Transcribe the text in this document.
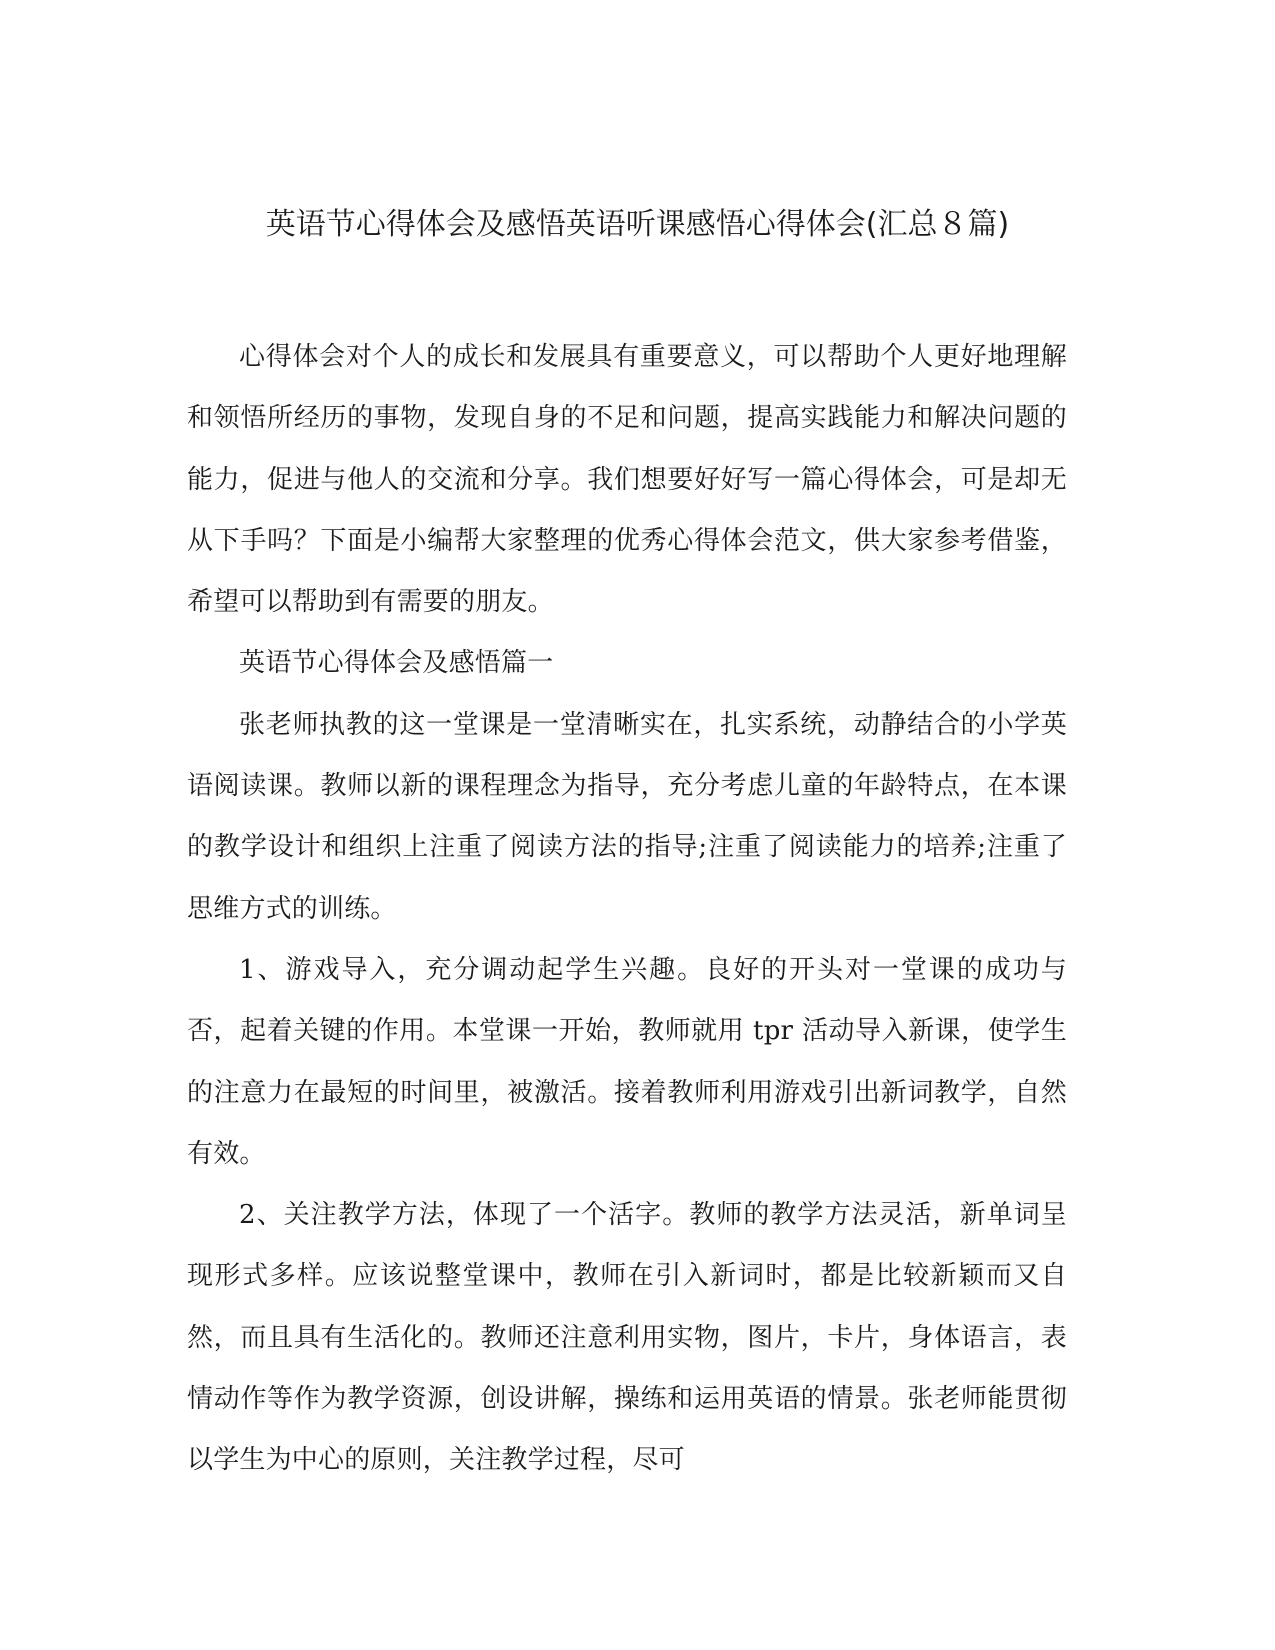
英语节心得体会及感悟英语听课感悟心得体会(汇总８篇)

心得体会对个人的成长和发展具有重要意义，可以帮助个人更好地理解和领悟所经历的事物，发现自身的不足和问题，提高实践能力和解决问题的能力，促进与他人的交流和分享。我们想要好好写一篇心得体会，可是却无从下手吗？下面是小编帮大家整理的优秀心得体会范文，供大家参考借鉴，希望可以帮助到有需要的朋友。

英语节心得体会及感悟篇一

张老师执教的这一堂课是一堂清晰实在，扎实系统，动静结合的小学英语阅读课。教师以新的课程理念为指导，充分考虑儿童的年龄特点，在本课的教学设计和组织上注重了阅读方法的指导;注重了阅读能力的培养;注重了思维方式的训练。

1、游戏导入，充分调动起学生兴趣。良好的开头对一堂课的成功与否，起着关键的作用。本堂课一开始，教师就用 tpr 活动导入新课，使学生的注意力在最短的时间里，被激活。接着教师利用游戏引出新词教学，自然有效。

2、关注教学方法，体现了一个活字。教师的教学方法灵活，新单词呈现形式多样。应该说整堂课中，教师在引入新词时，都是比较新颖而又自然，而且具有生活化的。教师还注意利用实物，图片，卡片，身体语言，表情动作等作为教学资源，创设讲解，操练和运用英语的情景。张老师能贯彻以学生为中心的原则，关注教学过程，尽可
